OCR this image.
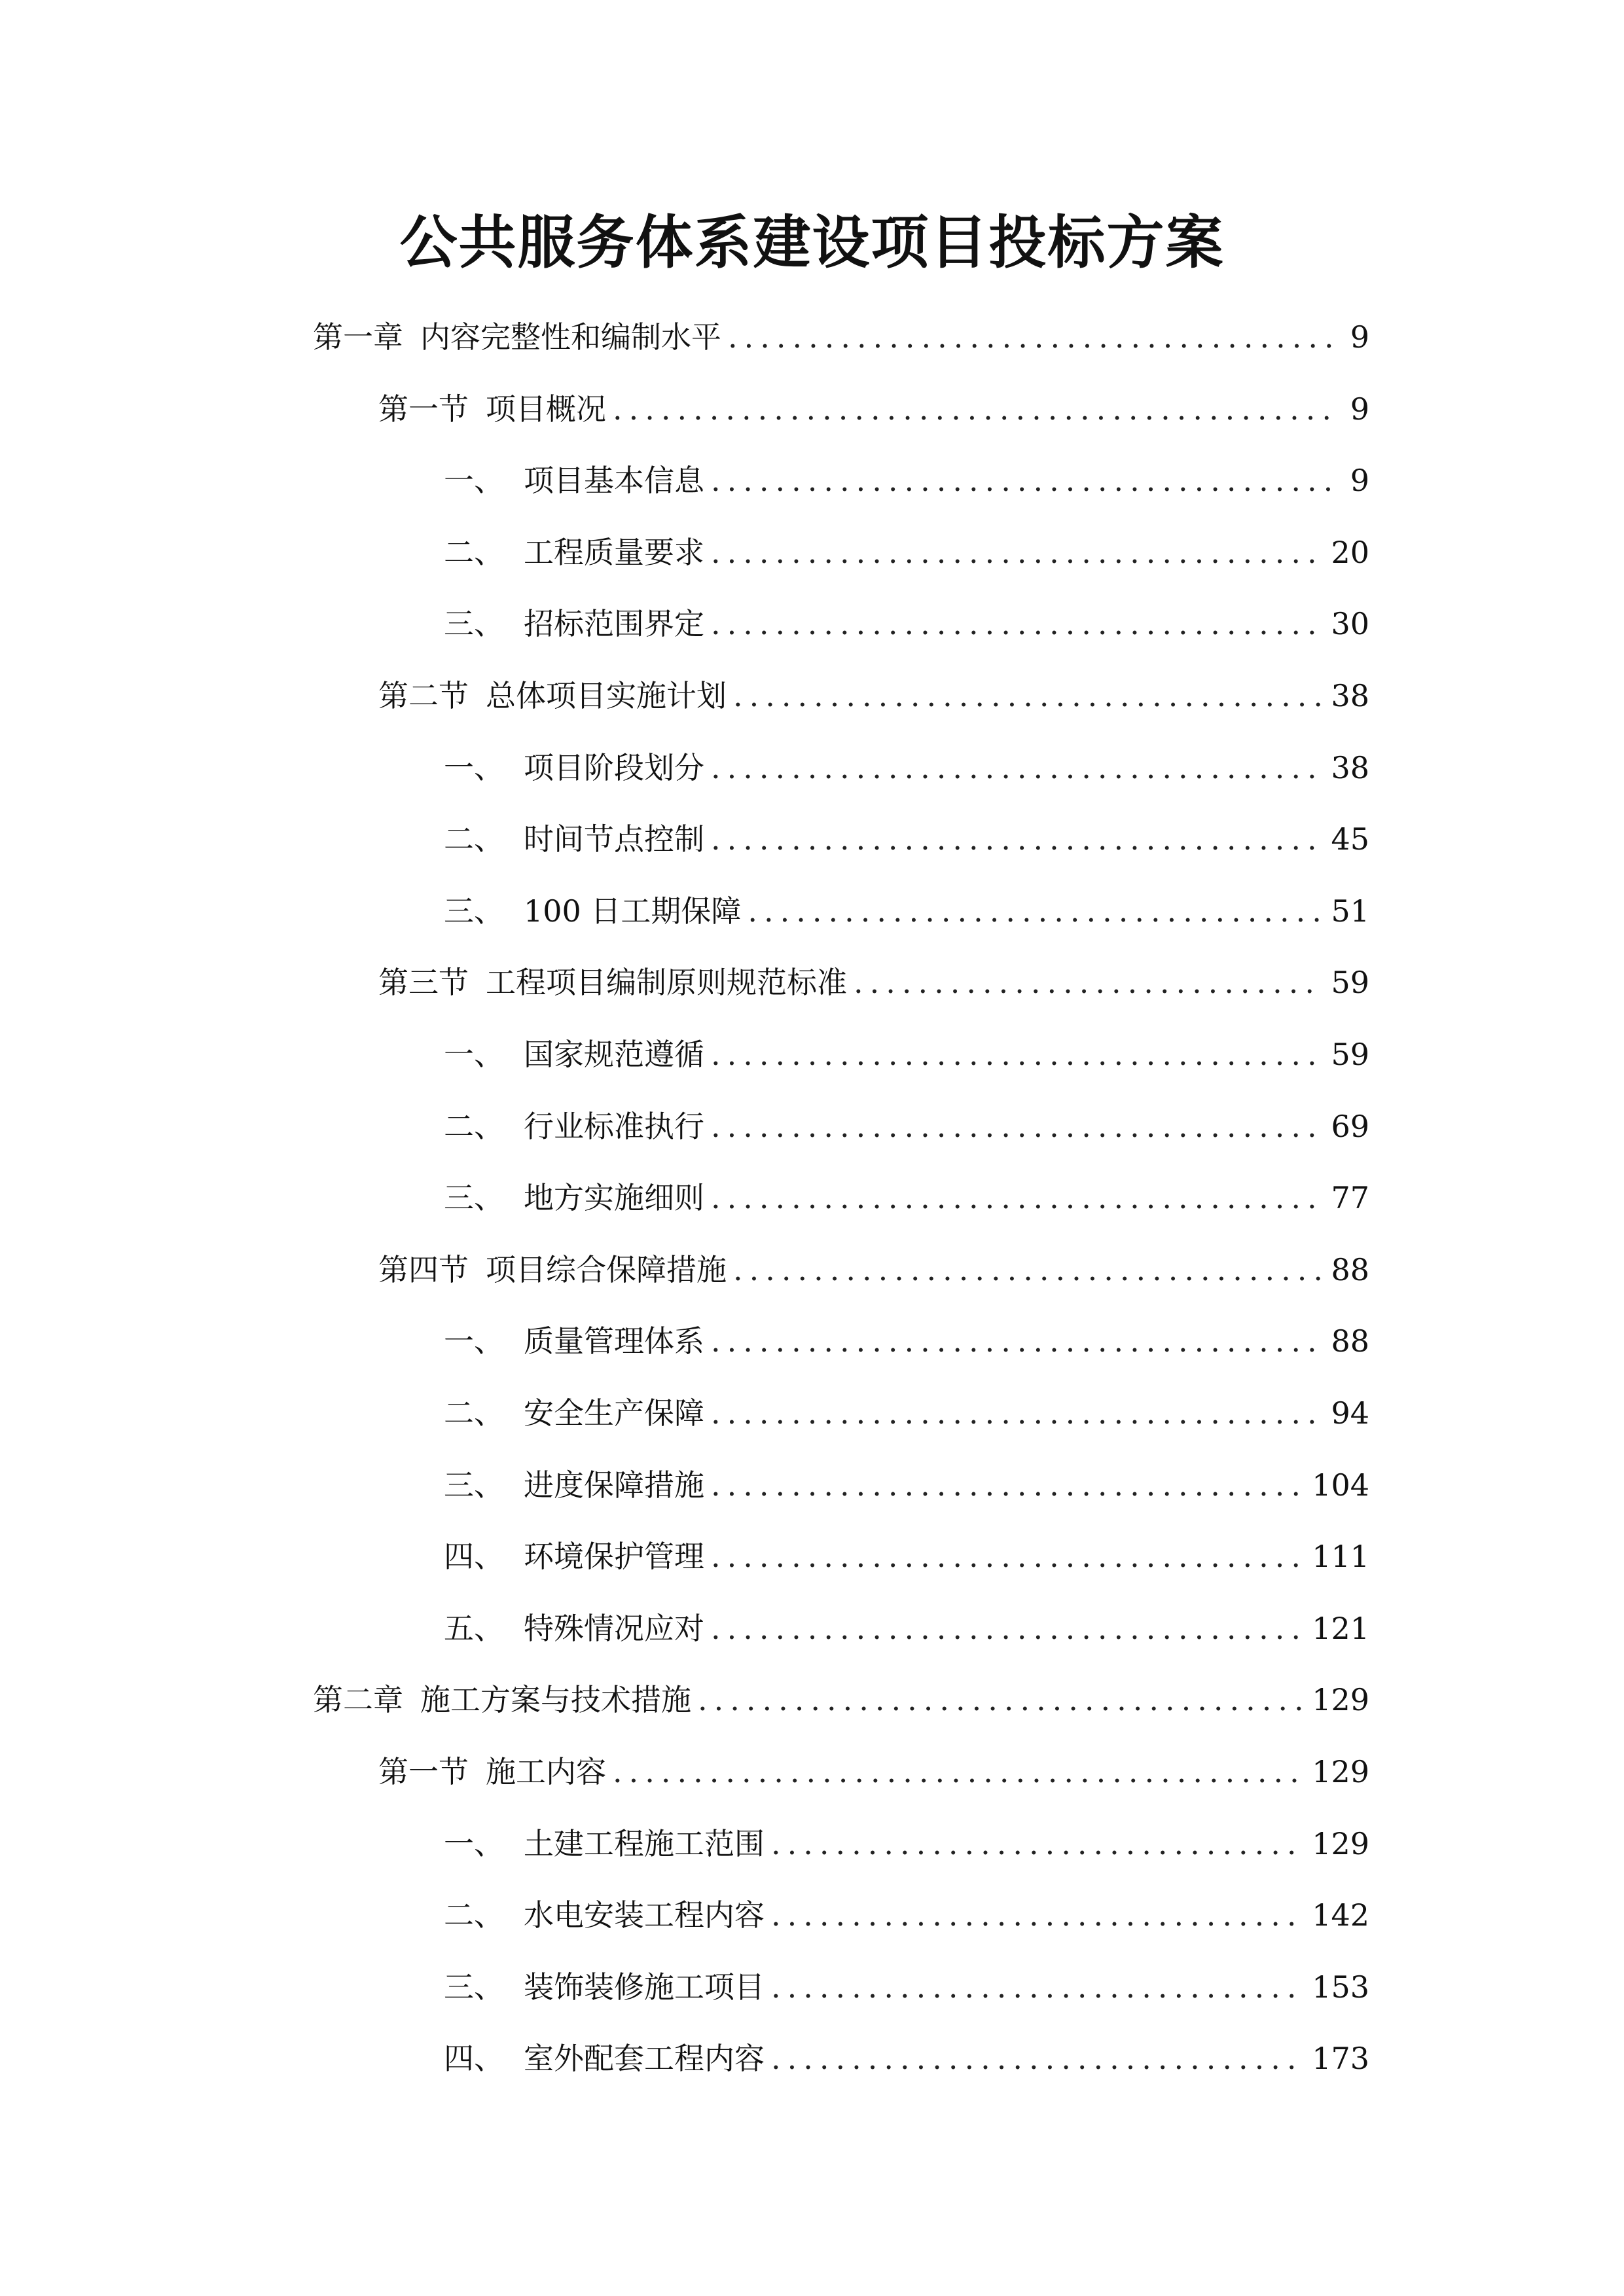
公共服务体系建设项目投标方案
第一章 内容完整性和编制水平 .....	9
第一节 项目概况 .....	9
一、 项目基本信息 .....	9
二、 工程质量要求 .....	20
三、 招标范围界定 .....	30
第二节 总体项目实施计划 .....	38
一、 项目阶段划分 .....	38
二、 时间节点控制 .....	45
三、 100 日工期保障 .....	51
第三节 工程项目编制原则规范标准 .....	59
一、 国家规范遵循 .....	59
二、 行业标准执行 .....	69
三、 地方实施细则 .....	77
第四节 项目综合保障措施 .....	88
一、 质量管理体系 .....	88
二、 安全生产保障 .....	94
三、 进度保障措施 .....	104
四、 环境保护管理 .....	111
五、 特殊情况应对 .....	121
第二章 施工方案与技术措施 .....	129
第一节 施工内容 .....	129
一、 土建工程施工范围 .....	129
二、 水电安装工程内容 .....	142
三、 装饰装修施工项目 .....	153
四、 室外配套工程内容 .....	173
